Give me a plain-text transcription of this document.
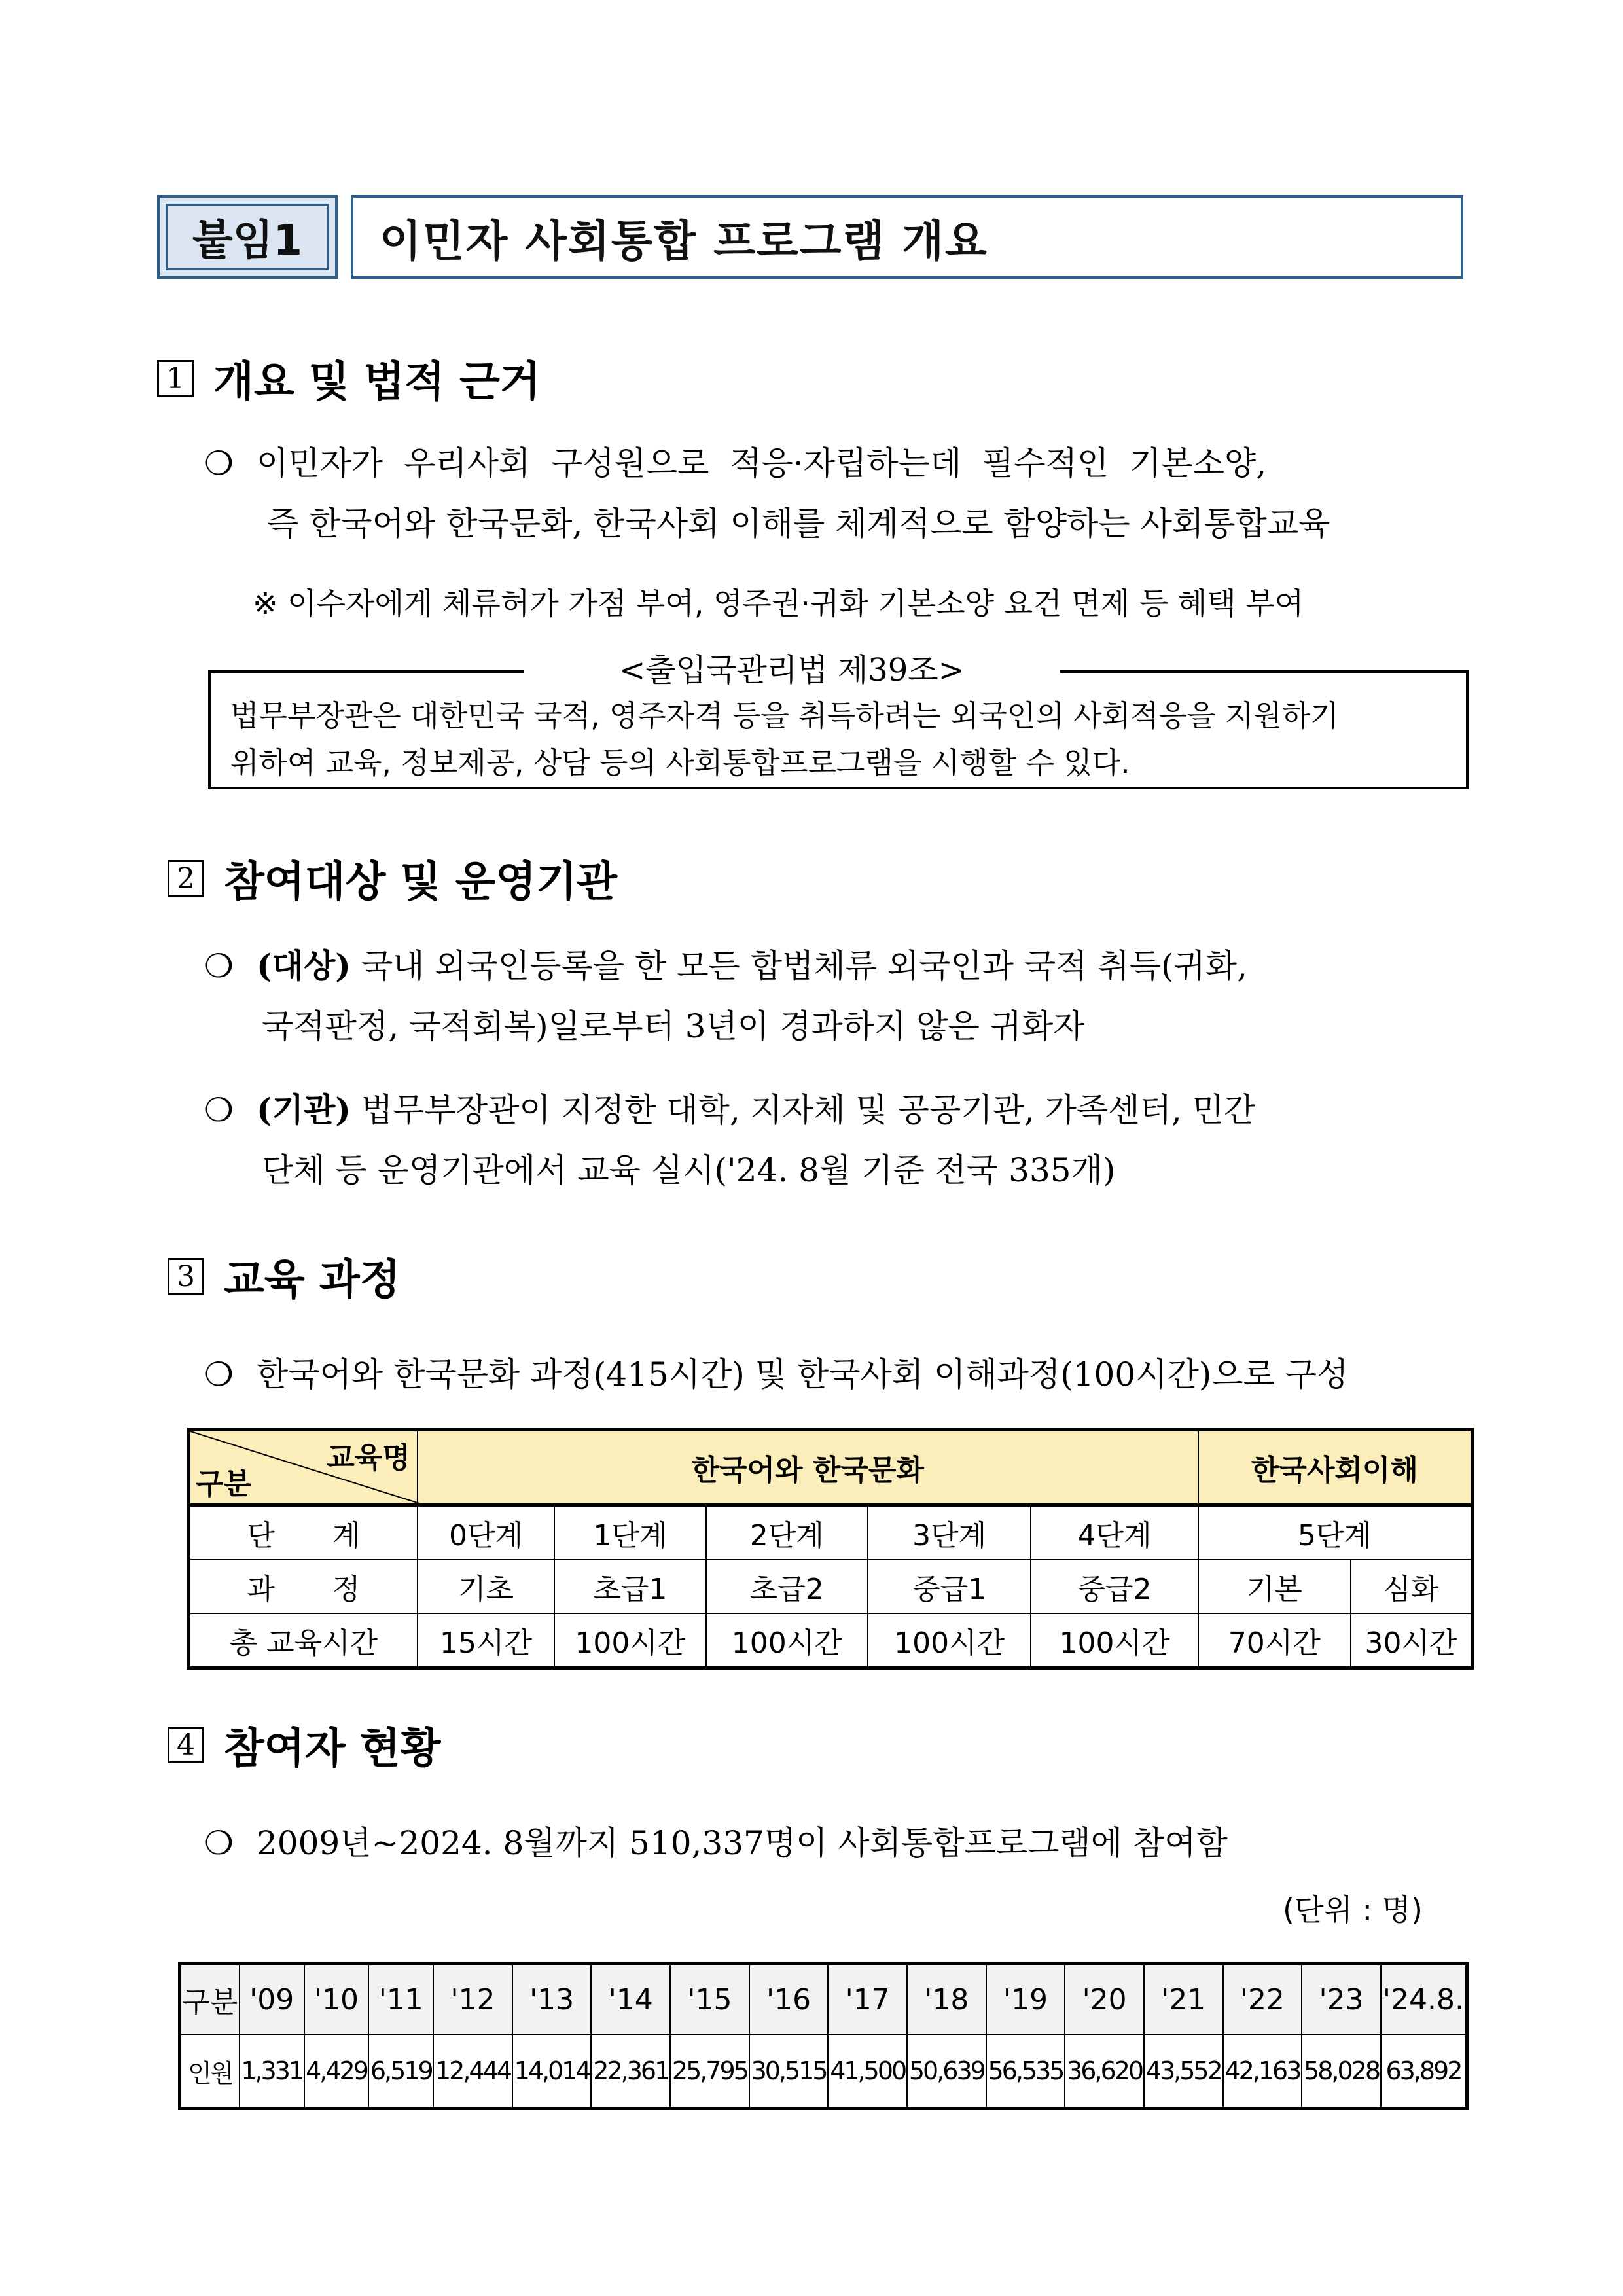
붙임1	이민자 사회통합 프로그램 개요
1 개요 및 법적 근거
❍ 이민자가  우리사회  구성원으로  적응·자립하는데  필수적인  기본소양,
즉 한국어와 한국문화, 한국사회 이해를 체계적으로 함양하는 사회통합교육
※ 이수자에게 체류허가 가점 부여, 영주권·귀화 기본소양 요건 면제 등 혜택 부여
법무부장관은 대한민국 국적, 영주자격 등을 취득하려는 외국인의 사회적응을 지원하기
위하여 교육, 정보제공, 상담 등의 사회통합프로그램을 시행할 수 있다.
<출입국관리법 제39조>
2 참여대상 및 운영기관
❍ (대상) 국내 외국인등록을 한 모든 합법체류 외국인과 국적 취득(귀화,
국적판정, 국적회복)일로부터 3년이 경과하지 않은 귀화자
❍ (기관) 법무부장관이 지정한 대학, 지자체 및 공공기관, 가족센터, 민간
단체 등 운영기관에서 교육 실시('24. 8월 기준 전국 335개)
3 교육 과정
❍ 한국어와 한국문화 과정(415시간) 및 한국사회 이해과정(100시간)으로 구성
교육명
구분	한국어와 한국문화					한국사회이해	
단　　계	0단계	1단계	2단계	3단계	4단계	5단계	
과　　정	기초	초급1	초급2	중급1	중급2	기본	심화
총 교육시간	15시간	100시간	100시간	100시간	100시간	70시간	30시간
4 참여자 현황
❍ 2009년~2024. 8월까지 510,337명이 사회통합프로그램에 참여함
(단위 : 명)
구분	'09	'10	'11	'12	'13	'14	'15	'16	'17	'18	'19	'20	'21	'22	'23	'24.8.
인원	1,331	4,429	6,519	12,444	14,014	22,361	25,795	30,515	41,500	50,639	56,535	36,620	43,552	42,163	58,028	63,892
